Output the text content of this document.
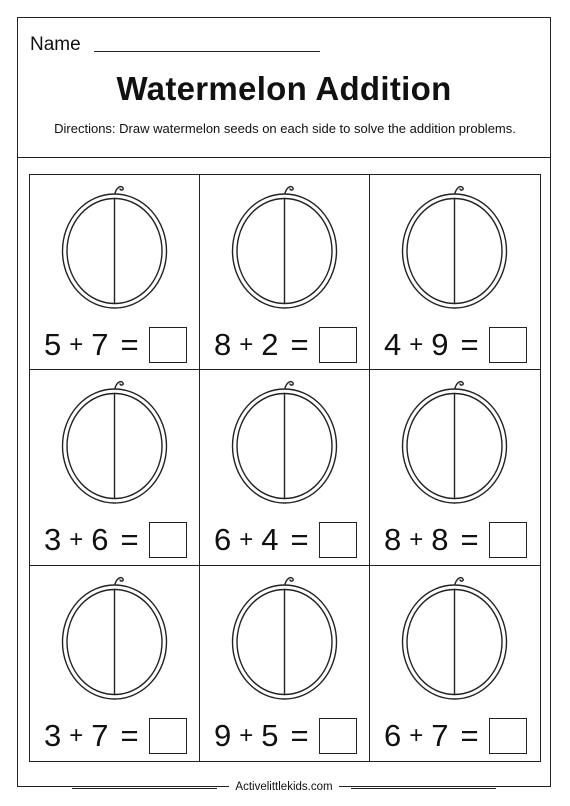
Name
Watermelon Addition
Directions: Draw watermelon seeds on each side to solve the addition problems.
5 + 7 = 8 + 2 = 4 + 9 =
3 + 6 = 6 + 4 = 8 + 8 =
3 + 7 = 9 + 5 = 6 + 7 =
Activelittlekids.com
